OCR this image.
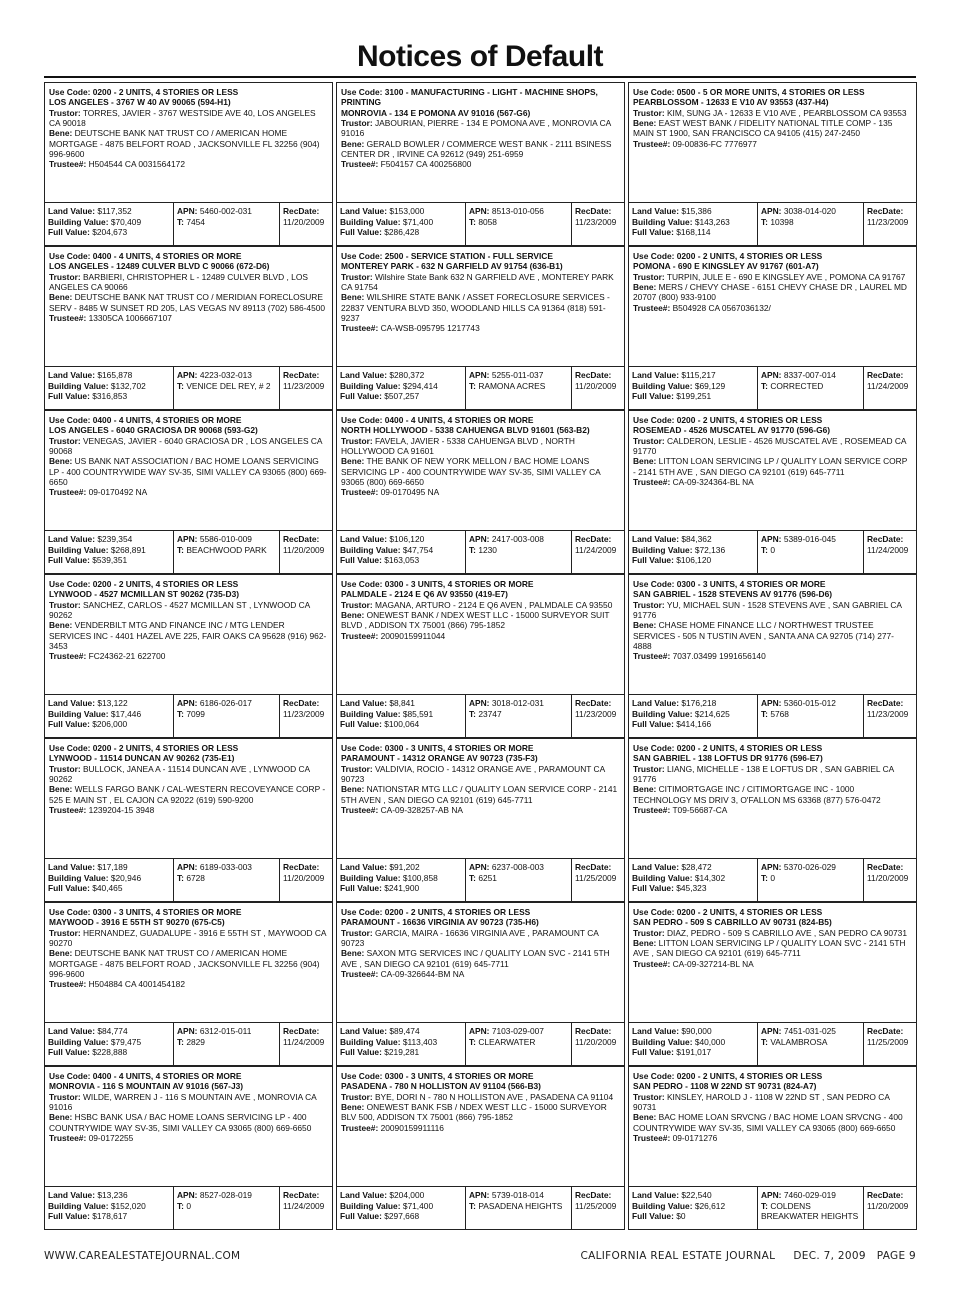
Notices of Default
Use Code: 0200 - 2 UNITS, 4 STORIES OR LESS
LOS ANGELES - 3767 W 40 AV 90065 (594-H1)
Trustor: TORRES, JAVIER - 3767 WESTSIDE AVE 40, LOS ANGELES CA 90018
Bene: DEUTSCHE BANK NAT TRUST CO / AMERICAN HOME MORTGAGE - 4875 BELFORT ROAD , JACKSONVILLE FL 32256 (904) 996-9600
Trustee#: H504544 CA 0031564172
Land Value: $117,352
Building Value: $70,409
Full Value: $204,673
APN: 5460-002-031
T: 7454
RecDate:
11/20/2009
Use Code: 3100 - MANUFACTURING - LIGHT - MACHINE SHOPS, PRINTING
MONROVIA - 134 E POMONA AV 91016 (567-G6)
Trustor: JABOURIAN, PIERRE - 134 E POMONA AVE , MONROVIA CA 91016
Bene: GERALD BOWLER / COMMERCE WEST BANK - 2111 BSINESS CENTER DR , IRVINE CA 92612 (949) 251-6959
Trustee#: F504157 CA 400256800
Land Value: $153,000
Building Value: $71,400
Full Value: $286,428
APN: 8513-010-056
T: 8058
RecDate:
11/23/2009
Use Code: 0500 - 5 OR MORE UNITS, 4 STORIES OR LESS
PEARBLOSSOM - 12633 E V10 AV 93553 (437-H4)
Trustor: KIM, SUNG JA - 12633 E V10 AVE , PEARBLOSSOM CA 93553
Bene: EAST WEST BANK / FIDELITY NATIONAL TITLE COMP - 135 MAIN ST 1900, SAN FRANCISCO CA 94105 (415) 247-2450
Trustee#: 09-00836-FC 7776977
Land Value: $15,386
Building Value: $143,263
Full Value: $168,114
APN: 3038-014-020
T: 10398
RecDate:
11/23/2009
Use Code: 0400 - 4 UNITS, 4 STORIES OR MORE
LOS ANGELES - 12489 CULVER BLVD C 90066 (672-D6)
Trustor: BARBIERI, CHRISTOPHER L - 12489 CULVER BLVD , LOS ANGELES CA 90066
Bene: DEUTSCHE BANK NAT TRUST CO / MERIDIAN FORECLOSURE SERV - 8485 W SUNSET RD 205, LAS VEGAS NV 89113 (702) 586-4500
Trustee#: 13305CA 1006667107
Land Value: $165,878
Building Value: $132,702
Full Value: $316,853
APN: 4223-032-013
T: VENICE DEL REY, # 2
RecDate:
11/23/2009
Use Code: 2500 - SERVICE STATION - FULL SERVICE
MONTEREY PARK - 632 N GARFIELD AV 91754 (636-B1)
Trustor: Wilshire State Bank 632 N GARFIELD AVE , MONTEREY PARK CA 91754
Bene: WILSHIRE STATE BANK / ASSET FORECLOSURE SERVICES - 22837 VENTURA BLVD 350, WOODLAND HILLS CA 91364 (818) 591-9237
Trustee#: CA-WSB-095795 1217743
Land Value: $280,372
Building Value: $294,414
Full Value: $507,257
APN: 5255-011-037
T: RAMONA ACRES
RecDate:
11/20/2009
Use Code: 0200 - 2 UNITS, 4 STORIES OR LESS
POMONA - 690 E KINGSLEY AV 91767 (601-A7)
Trustor: TURPIN, JULE E - 690 E KINGSLEY AVE , POMONA CA 91767
Bene: MERS / CHEVY CHASE - 6151 CHEVY CHASE DR , LAUREL MD 20707 (800) 933-9100
Trustee#: B504928 CA 0567036132/
Land Value: $115,217
Building Value: $69,129
Full Value: $199,251
APN: 8337-007-014
T: CORRECTED
RecDate:
11/24/2009
Use Code: 0400 - 4 UNITS, 4 STORIES OR MORE
LOS ANGELES - 6040 GRACIOSA DR 90068 (593-G2)
Trustor: VENEGAS, JAVIER - 6040 GRACIOSA DR , LOS ANGELES CA 90068
Bene: US BANK NAT ASSOCIATION / BAC HOME LOANS SERVICING LP - 400 COUNTRYWIDE WAY SV-35, SIMI VALLEY CA 93065 (800) 669-6650
Trustee#: 09-0170492 NA
Land Value: $239,354
Building Value: $268,891
Full Value: $539,351
APN: 5586-010-009
T: BEACHWOOD PARK
RecDate:
11/20/2009
Use Code: 0400 - 4 UNITS, 4 STORIES OR MORE
NORTH HOLLYWOOD - 5338 CAHUENGA BLVD 91601 (563-B2)
Trustor: FAVELA, JAVIER - 5338 CAHUENGA BLVD , NORTH HOLLYWOOD CA 91601
Bene: THE BANK OF NEW YORK MELLON / BAC HOME LOANS SERVICING LP - 400 COUNTRYWIDE WAY SV-35, SIMI VALLEY CA 93065 (800) 669-6650
Trustee#: 09-0170495 NA
Land Value: $106,120
Building Value: $47,754
Full Value: $163,053
APN: 2417-003-008
T: 1230
RecDate:
11/24/2009
Use Code: 0200 - 2 UNITS, 4 STORIES OR LESS
ROSEMEAD - 4526 MUSCATEL AV 91770 (596-G6)
Trustor: CALDERON, LESLIE - 4526 MUSCATEL AVE , ROSEMEAD CA 91770
Bene: LITTON LOAN SERVICING LP / QUALITY LOAN SERVICE CORP - 2141 5TH AVE , SAN DIEGO CA 92101 (619) 645-7711
Trustee#: CA-09-324364-BL NA
Land Value: $84,362
Building Value: $72,136
Full Value: $106,120
APN: 5389-016-045
T: 0
RecDate:
11/24/2009
Use Code: 0200 - 2 UNITS, 4 STORIES OR LESS
LYNWOOD - 4527 MCMILLAN ST 90262 (735-D3)
Trustor: SANCHEZ, CARLOS - 4527 MCMILLAN ST , LYNWOOD CA 90262
Bene: VENDERBILT MTG AND FINANCE INC / MTG LENDER SERVICES INC - 4401 HAZEL AVE 225, FAIR OAKS CA 95628 (916) 962-3453
Trustee#: FC24362-21 622700
Land Value: $13,122
Building Value: $17,446
Full Value: $206,000
APN: 6186-026-017
T: 7099
RecDate:
11/23/2009
Use Code: 0300 - 3 UNITS, 4 STORIES OR MORE
PALMDALE - 2124 E Q6 AV 93550 (419-E7)
Trustor: MAGANA, ARTURO - 2124 E Q6 AVEN , PALMDALE CA 93550
Bene: ONEWEST BANK / NDEX WEST LLC - 15000 SURVEYOR SUIT BLVD , ADDISON TX 75001 (866) 795-1852
Trustee#: 20090159911044
Land Value: $8,841
Building Value: $85,591
Full Value: $100,064
APN: 3018-012-031
T: 23747
RecDate:
11/23/2009
Use Code: 0300 - 3 UNITS, 4 STORIES OR MORE
SAN GABRIEL - 1528 STEVENS AV 91776 (596-D6)
Trustor: YU, MICHAEL SUN - 1528 STEVENS AVE , SAN GABRIEL CA 91776
Bene: CHASE HOME FINANCE LLC / NORTHWEST TRUSTEE SERVICES - 505 N TUSTIN AVEN , SANTA ANA CA 92705 (714) 277-4888
Trustee#: 7037.03499 1991656140
Land Value: $176,218
Building Value: $214,625
Full Value: $414,166
APN: 5360-015-012
T: 5768
RecDate:
11/23/2009
Use Code: 0200 - 2 UNITS, 4 STORIES OR LESS
LYNWOOD - 11514 DUNCAN AV 90262 (735-E1)
Trustor: BULLOCK, JANEA A - 11514 DUNCAN AVE , LYNWOOD CA 90262
Bene: WELLS FARGO BANK / CAL-WESTERN RECOVEYANCE CORP - 525 E MAIN ST , EL CAJON CA 92022 (619) 590-9200
Trustee#: 1239204-15 3948
Land Value: $17,189
Building Value: $20,946
Full Value: $40,465
APN: 6189-033-003
T: 6728
RecDate:
11/20/2009
Use Code: 0300 - 3 UNITS, 4 STORIES OR MORE
PARAMOUNT - 14312 ORANGE AV 90723 (735-F3)
Trustor: VALDIVIA, ROCIO - 14312 ORANGE AVE , PARAMOUNT CA 90723
Bene: NATIONSTAR MTG LLC / QUALITY LOAN SERVICE CORP - 2141 5TH AVEN , SAN DIEGO CA 92101 (619) 645-7711
Trustee#: CA-09-328257-AB NA
Land Value: $91,202
Building Value: $100,858
Full Value: $241,900
APN: 6237-008-003
T: 6251
RecDate:
11/25/2009
Use Code: 0200 - 2 UNITS, 4 STORIES OR LESS
SAN GABRIEL - 138 LOFTUS DR 91776 (596-E7)
Trustor: LIANG, MICHELLE - 138 E LOFTUS DR , SAN GABRIEL CA 91776
Bene: CITIMORTGAGE INC / CITIMORTGAGE INC - 1000 TECHNOLOGY MS DRIV 3, O'FALLON MS 63368 (877) 576-0472
Trustee#: T09-56687-CA
Land Value: $28,472
Building Value: $14,302
Full Value: $45,323
APN: 5370-026-029
T: 0
RecDate:
11/20/2009
Use Code: 0300 - 3 UNITS, 4 STORIES OR MORE
MAYWOOD - 3916 E 55TH ST 90270 (675-C5)
Trustor: HERNANDEZ, GUADALUPE - 3916 E 55TH ST , MAYWOOD CA 90270
Bene: DEUTSCHE BANK NAT TRUST CO / AMERICAN HOME MORTGAGE - 4875 BELFORT ROAD , JACKSONVILLE FL 32256 (904) 996-9600
Trustee#: H504884 CA 4001454182
Land Value: $84,774
Building Value: $79,475
Full Value: $228,888
APN: 6312-015-011
T: 2829
RecDate:
11/24/2009
Use Code: 0200 - 2 UNITS, 4 STORIES OR LESS
PARAMOUNT - 16636 VIRGINIA AV 90723 (735-H6)
Trustor: GARCIA, MAIRA - 16636 VIRGINIA AVE , PARAMOUNT CA 90723
Bene: SAXON MTG SERVICES INC / QUALITY LOAN SVC - 2141 5TH AVE , SAN DIEGO CA 92101 (619) 645-7711
Trustee#: CA-09-326644-BM NA
Land Value: $89,474
Building Value: $113,403
Full Value: $219,281
APN: 7103-029-007
T: CLEARWATER
RecDate:
11/20/2009
Use Code: 0200 - 2 UNITS, 4 STORIES OR LESS
SAN PEDRO - 509 S CABRILLO AV 90731 (824-B5)
Trustor: DIAZ, PEDRO - 509 S CABRILLO AVE , SAN PEDRO CA 90731
Bene: LITTON LOAN SERVICING LP / QUALITY LOAN SVC - 2141 5TH AVE , SAN DIEGO CA 92101 (619) 645-7711
Trustee#: CA-09-327214-BL NA
Land Value: $90,000
Building Value: $40,000
Full Value: $191,017
APN: 7451-031-025
T: VALAMBROSA
RecDate:
11/25/2009
Use Code: 0400 - 4 UNITS, 4 STORIES OR MORE
MONROVIA - 116 S MOUNTAIN AV 91016 (567-J3)
Trustor: WILDE, WARREN J - 116 S MOUNTAIN AVE , MONROVIA CA 91016
Bene: HSBC BANK USA / BAC HOME LOANS SERVICING LP - 400 COUNTRYWIDE WAY SV-35, SIMI VALLEY CA 93065 (800) 669-6650
Trustee#: 09-0172255
Land Value: $13,236
Building Value: $152,020
Full Value: $178,617
APN: 8527-028-019
T: 0
RecDate:
11/24/2009
Use Code: 0300 - 3 UNITS, 4 STORIES OR MORE
PASADENA - 780 N HOLLISTON AV 91104 (566-B3)
Trustor: BYE, DORI N - 780 N HOLLISTON AVE , PASADENA CA 91104
Bene: ONEWEST BANK FSB / NDEX WEST LLC - 15000 SURVEYOR BLV 500, ADDISON TX 75001 (866) 795-1852
Trustee#: 20090159911116
Land Value: $204,000
Building Value: $71,400
Full Value: $297,668
APN: 5739-018-014
T: PASADENA HEIGHTS
RecDate:
11/25/2009
Use Code: 0200 - 2 UNITS, 4 STORIES OR LESS
SAN PEDRO - 1108 W 22ND ST 90731 (824-A7)
Trustor: KINSLEY, HAROLD J - 1108 W 22ND ST , SAN PEDRO CA 90731
Bene: BAC HOME LOAN SRVCNG / BAC HOME LOAN SRVCNG - 400 COUNTRYWIDE WAY SV-35, SIMI VALLEY CA 93065 (800) 669-6650
Trustee#: 09-0171276
Land Value: $22,540
Building Value: $26,612
Full Value: $0
APN: 7460-029-019
T: COLDENS BREAKWATER HEIGHTS
RecDate:
11/20/2009
WWW.CAREALESTATEJOURNAL.COM	CALIFORNIA REAL ESTATE JOURNAL DEC. 7, 2009 PAGE 9
